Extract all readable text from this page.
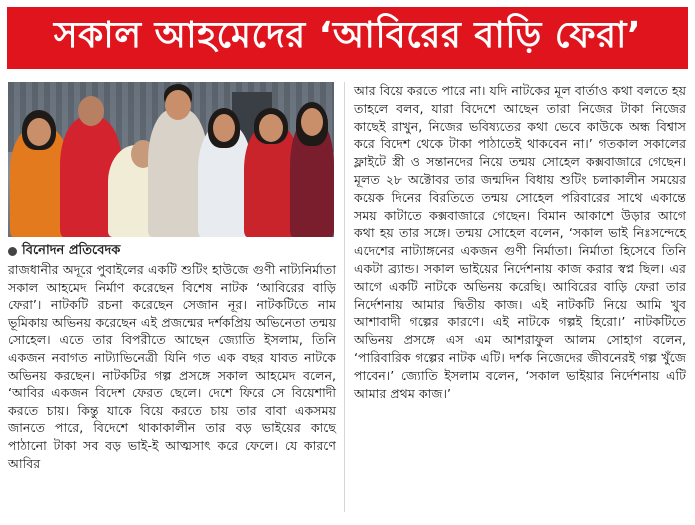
সকাল আহমেদের ‘আবিরের বাড়ি ফেরা’
বিনোদন প্রতিবেদক

রাজধানীর অদূরে পুবাইলের একটি শুটিং হাউজে গুণী নাট্যনির্মাতা সকাল আহমেদ নির্মাণ করেছেন বিশেষ নাটক ‘আবিরের বাড়ি ফেরা’। নাটকটি রচনা করেছেন সেজান নূর। নাটকটিতে নাম ভূমিকায় অভিনয় করেছেন এই প্রজন্মের দর্শকপ্রিয় অভিনেতা তন্ময় সোহেল। এতে তার বিপরীতে আছেন জ্যোতি ইসলাম, তিনি একজন নবাগত নাট্যাভিনেত্রী যিনি গত এক বছর যাবত নাটকে অভিনয় করছেন। নাটকটির গল্প প্রসঙ্গে সকাল আহমেদ বলেন, ‘আবির একজন বিদেশ ফেরত ছেলে। দেশে ফিরে সে বিয়েশাদী করতে চায়। কিন্তু যাকে বিয়ে করতে চায় তার বাবা একসময় জানতে পারে, বিদেশে থাকাকালীন তার বড় ভাইয়ের কাছে পাঠানো টাকা সব বড় ভাই-ই আত্মসাৎ করে ফেলে। যে কারণে আবির

আর বিয়ে করতে পারে না। যদি নাটকের মূল বার্তাও কথা বলতে হয় তাহলে বলব, যারা বিদেশে আছেন তারা নিজের টাকা নিজের কাছেই রাখুন, নিজের ভবিষ্যতের কথা ভেবে কাউকে অন্ধ বিশ্বাস করে বিদেশ থেকে টাকা পাঠাতেই থাকবেন না।’ গতকাল সকালের ফ্লাইটে স্ত্রী ও সন্তানদের নিয়ে তন্ময় সোহেল কক্সবাজারে গেছেন। মূলত ২৮ অক্টোবর তার জন্মদিন বিধায় শুটিং চলাকালীন সময়ের কয়েক দিনের বিরতিতে তন্ময় সোহেল পরিবারের সাথে একান্তে সময় কাটাতে কক্সবাজারে গেছেন। বিমান আকাশে উড়ার আগে কথা হয় তার সঙ্গে। তন্ময় সোহেল বলেন, ‘সকাল ভাই নিঃসন্দেহে এদেশের নাট্যাঙ্গনের একজন গুণী নির্মাতা। নির্মাতা হিসেবে তিনি একটা ব্র্যান্ড। সকাল ভাইয়ের নির্দেশনায় কাজ করার স্বপ্ন ছিল। এর আগে একটি নাটকে অভিনয় করেছি। আবিরের বাড়ি ফেরা তার নির্দেশনায় আমার দ্বিতীয় কাজ। এই নাটকটি নিয়ে আমি খুব আশাবাদী গল্পের কারণে। এই নাটকে গল্পই হিরো।’ নাটকটিতে অভিনয় প্রসঙ্গে এস এম আশরাফুল আলম সোহাগ বলেন, ‘পারিবারিক গল্পের নাটক এটি। দর্শক নিজেদের জীবনেরই গল্প খুঁজে পাবেন।’ জ্যোতি ইসলাম বলেন, ‘সকাল ভাইয়ার নির্দেশনায় এটি আমার প্রথম কাজ।’
